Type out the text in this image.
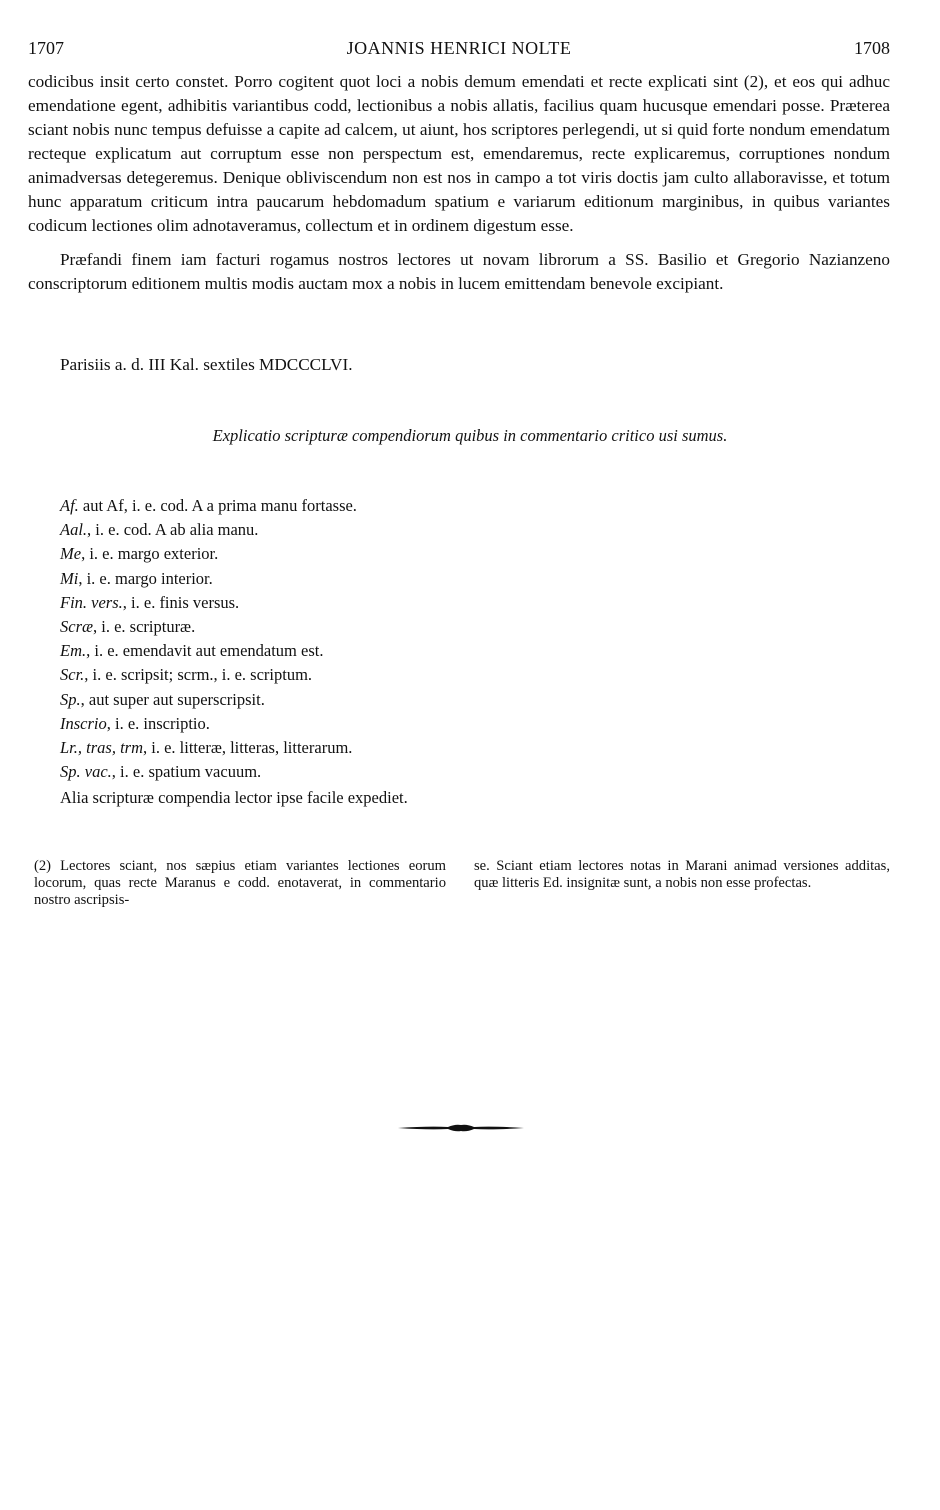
1707	JOANNIS HENRICI NOLTE	1708

codicibus insit certo constet. Porro cogitent quot loci a nobis demum emendati et recte explicati sint (2), et eos qui adhuc emendatione egent, adhibitis variantibus codd, lectionibus a nobis allatis, facilius quam hucusque emendari posse. Præterea sciant nobis nunc tempus defuisse a capite ad calcem, ut aiunt, hos scriptores perlegendi, ut si quid forte nondum emendatum recteque explicatum aut corruptum esse non perspectum est, emendaremus, recte explicaremus, corruptiones nondum animadversas detegeremus. Denique obliviscendum non est nos in campo a tot viris doctis jam culto allaboravisse, et totum hunc apparatum criticum intra paucarum hebdomadum spatium e variarum editionum marginibus, in quibus variantes codicum lectiones olim adnotaveramus, collectum et in ordinem digestum esse.

Præfandi finem iam facturi rogamus nostros lectores ut novam librorum a SS. Basilio et Gregorio Nazianzeno conscriptorum editionem multis modis auctam mox a nobis in lucem emittendam benevole excipiant.

Parisiis a. d. III Kal. sextiles MDCCCLVI.
Explicatio scripturæ compendiorum quibus in commentario critico usi sumus.
Af. aut Af, i. e. cod. A a prima manu fortasse.
Aal., i. e. cod. A ab alia manu.
Me, i. e. margo exterior.
Mi, i. e. margo interior.
Fin. vers., i. e. finis versus.
Scræ, i. e. scripturæ.
Em., i. e. emendavit aut emendatum est.
Scr., i. e. scripsit; scrm., i. e. scriptum.
Sp., aut super aut superscripsit.
Inscrio, i. e. inscriptio.
Lr., tras, trm, i. e. litteræ, litteras, litterarum.
Sp. vac., i. e. spatium vacuum.
Alia scripturæ compendia lector ipse facile expediet.
(2) Lectores sciant, nos sæpius etiam variantes lectiones eorum locorum, quas recte Maranus e codd. enotaverat, in commentario nostro ascripsis-
se. Sciant etiam lectores notas in Marani animad versiones additas, quæ litteris Ed. insignitæ sunt, a nobis non esse profectas.
